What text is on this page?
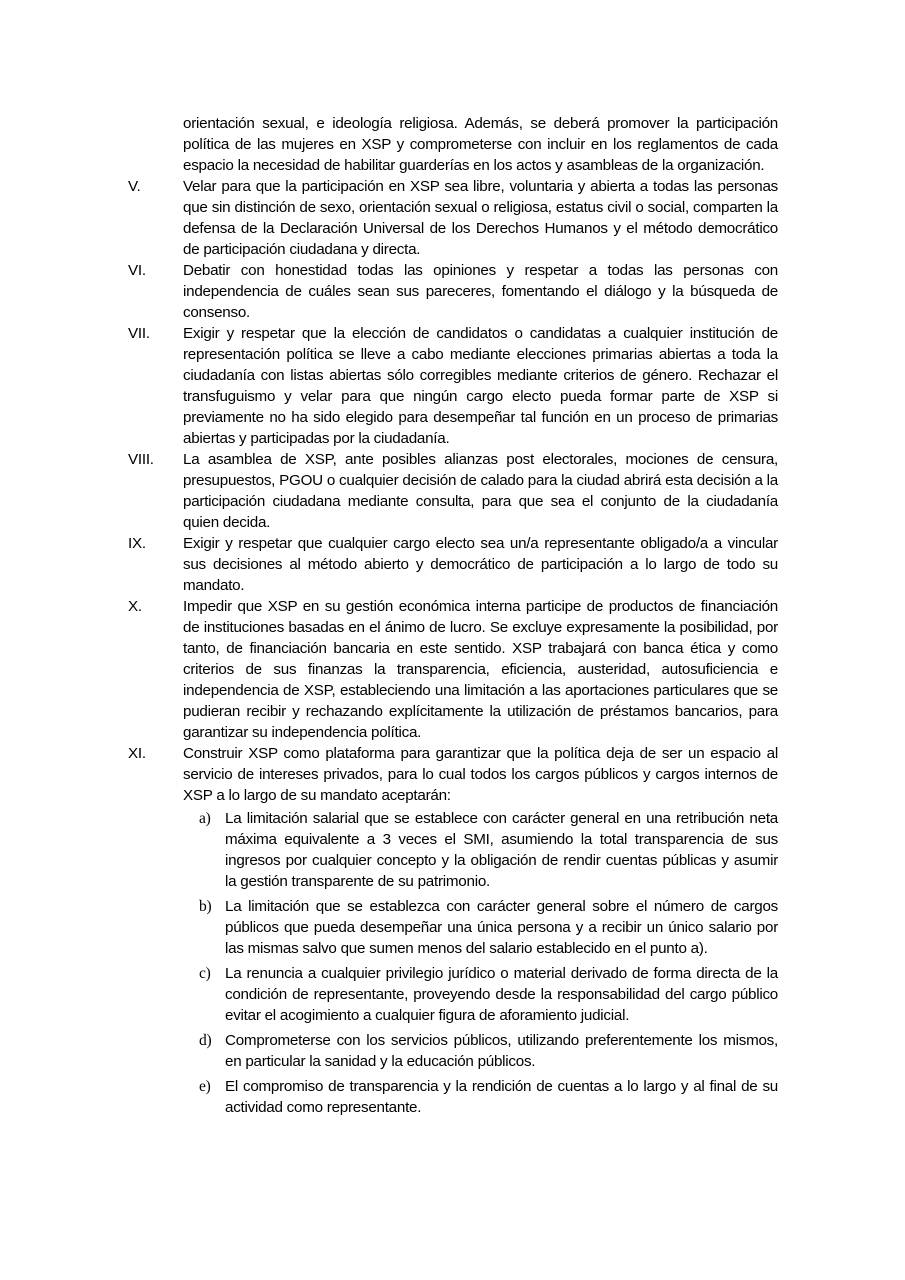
orientación sexual, e ideología religiosa. Además, se deberá promover la participación política de las mujeres en XSP y comprometerse con incluir en los reglamentos de cada espacio la necesidad de habilitar guarderías en los actos y asambleas de la organización.

V.	Velar para que la participación en XSP sea libre, voluntaria y abierta a todas las personas que sin distinción de sexo, orientación sexual o religiosa, estatus civil o social, comparten la defensa de la Declaración Universal de los Derechos Humanos y el método democrático de participación ciudadana y directa.

VI.	Debatir con honestidad todas las opiniones y respetar a todas las personas con independencia de cuáles sean sus pareceres, fomentando el diálogo y la búsqueda de consenso.

VII.	Exigir y respetar que la elección de candidatos o candidatas a cualquier institución de representación política se lleve a cabo mediante elecciones primarias abiertas a toda la ciudadanía con listas abiertas sólo corregibles mediante criterios de género. Rechazar el transfuguismo y velar para que ningún cargo electo pueda formar parte de XSP si previamente no ha sido elegido para desempeñar tal función en un proceso de primarias abiertas y participadas por la ciudadanía.

VIII.	La asamblea de XSP, ante posibles alianzas post electorales, mociones de censura, presupuestos, PGOU o cualquier decisión de calado para la ciudad abrirá esta decisión a la participación ciudadana mediante consulta, para que sea el conjunto de la ciudadanía quien decida.

IX.	Exigir y respetar que cualquier cargo electo sea un/a representante obligado/a a vincular sus decisiones al método abierto y democrático de participación a lo largo de todo su mandato.

X.	Impedir que XSP en su gestión económica interna participe de productos de financiación de instituciones basadas en el ánimo de lucro. Se excluye expresamente la posibilidad, por tanto, de financiación bancaria en este sentido. XSP trabajará con banca ética y como criterios de sus finanzas la transparencia, eficiencia, austeridad, autosuficiencia e independencia de XSP, estableciendo una limitación a las aportaciones particulares que se pudieran recibir y rechazando explícitamente la utilización de préstamos bancarios, para garantizar su independencia política.

XI.	Construir XSP como plataforma para garantizar que la política deja de ser un espacio al servicio de intereses privados, para lo cual todos los cargos públicos y cargos internos de XSP a lo largo de su mandato aceptarán:

a) La limitación salarial que se establece con carácter general en una retribución neta máxima equivalente a 3 veces el SMI, asumiendo la total transparencia de sus ingresos por cualquier concepto y la obligación de rendir cuentas públicas y asumir la gestión transparente de su patrimonio.

b) La limitación que se establezca con carácter general sobre el número de cargos públicos que pueda desempeñar una única persona y a recibir un único salario por las mismas salvo que sumen menos del salario establecido en el punto a).

c) La renuncia a cualquier privilegio jurídico o material derivado de forma directa de la condición de representante, proveyendo desde la responsabilidad del cargo público evitar el acogimiento a cualquier figura de aforamiento judicial.

d) Comprometerse con los servicios públicos, utilizando preferentemente los mismos, en particular la sanidad y la educación públicos.

e) El compromiso de transparencia y la rendición de cuentas a lo largo y al final de su actividad como representante.
